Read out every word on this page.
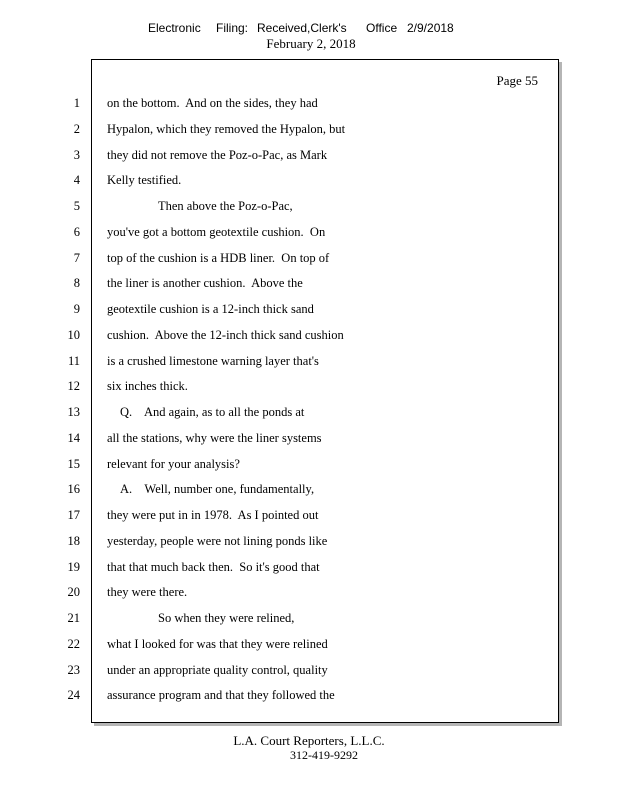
Electronic Filing: Received,Clerk's Office 2/9/2018
February 2, 2018
Page 55
1 on the bottom.  And on the sides, they had
2 Hypalon, which they removed the Hypalon, but
3 they did not remove the Poz-o-Pac, as Mark
4 Kelly testified.
5	Then above the Poz-o-Pac,
6 you've got a bottom geotextile cushion.  On
7 top of the cushion is a HDB liner.  On top of
8 the liner is another cushion.  Above the
9 geotextile cushion is a 12-inch thick sand
10 cushion.  Above the 12-inch thick sand cushion
11 is a crushed limestone warning layer that's
12 six inches thick.
13	Q.    And again, as to all the ponds at
14 all the stations, why were the liner systems
15 relevant for your analysis?
16	A.    Well, number one, fundamentally,
17 they were put in in 1978.  As I pointed out
18 yesterday, people were not lining ponds like
19 that that much back then.  So it's good that
20 they were there.
21	So when they were relined,
22 what I looked for was that they were relined
23 under an appropriate quality control, quality
24 assurance program and that they followed the
L.A. Court Reporters, L.L.C.
312-419-9292
